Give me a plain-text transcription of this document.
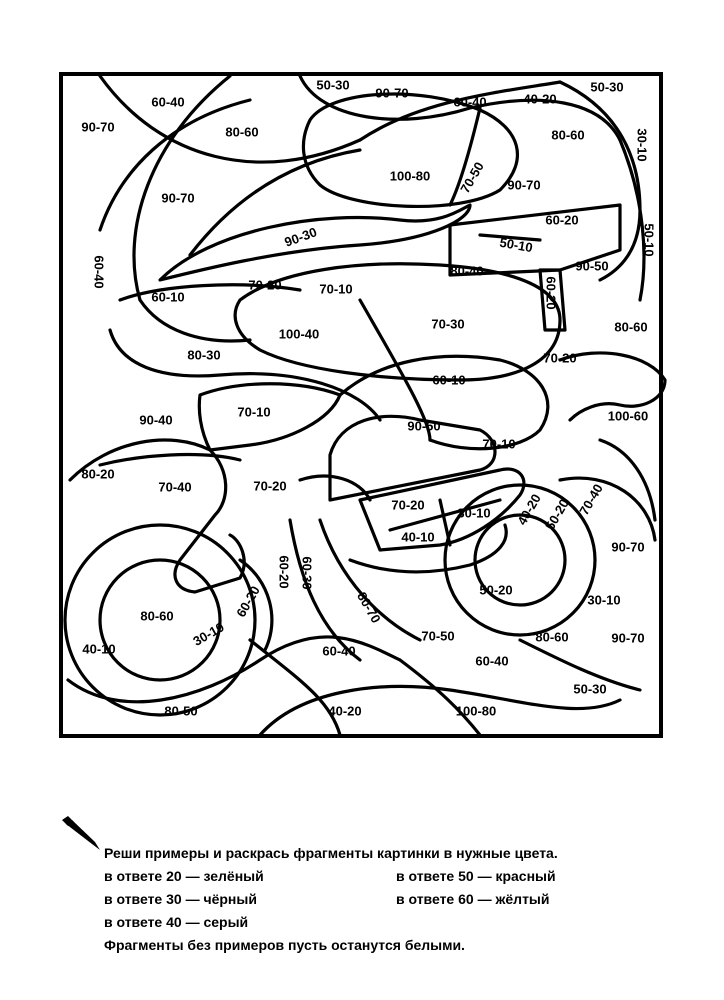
50-30
90-70
60-40	40-20
50-30
60-40
90-70	80-60	80-60	30-10
100-80 70-50 90-70
90-70
60-20
90-30	50-10	50-10
60-40	80-40	90-50
60-10
70-20	70-10	60-20
70-30
100-40	80-60
80-30	70-20
60-10
90-40
70-10
90-50
100-60
80-20
70-10
70-40	70-20
70-20	40-20
50-20
40-10
30-10
60-20
70-40
90-70
80-60
30-10
60-20 60-30
80-70	50-20
30-10
40-10	60-40
70-50	80-60	90-70
60-40
50-30
80-50	40-20	100-80
Реши примеры и раскрась фрагменты картинки в нужные цвета.
в ответе 20 — зелёный	в ответе 50 — красный
в ответе 30 — чёрный	в ответе 60 — жёлтый
в ответе 40 — серый
Фрагменты без примеров пусть останутся белыми.
